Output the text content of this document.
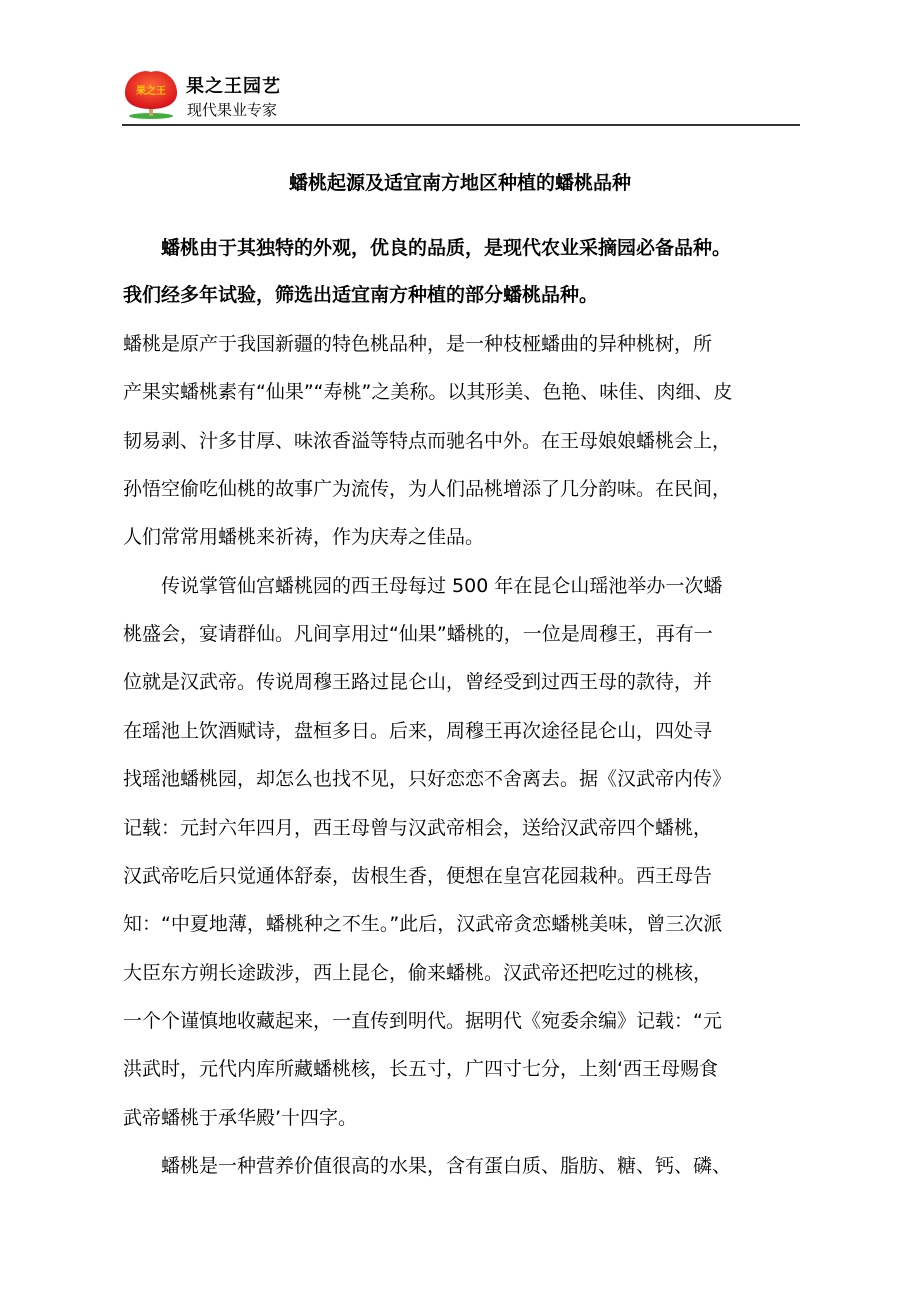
果之王 果之王园艺
现代果业专家
蟠桃起源及适宜南方地区种植的蟠桃品种
　　蟠桃由于其独特的外观，优良的品质，是现代农业采摘园必备品种。
我们经多年试验，筛选出适宜南方种植的部分蟠桃品种。
蟠桃是原产于我国新疆的特色桃品种，是一种枝桠蟠曲的异种桃树，所
产果实蟠桃素有“仙果”“寿桃”之美称。以其形美、色艳、味佳、肉细、皮
韧易剥、汁多甘厚、味浓香溢等特点而驰名中外。在王母娘娘蟠桃会上，
孙悟空偷吃仙桃的故事广为流传，为人们品桃增添了几分韵味。在民间，
人们常常用蟠桃来祈祷，作为庆寿之佳品。
　　传说掌管仙宫蟠桃园的西王母每过 500 年在昆仑山瑶池举办一次蟠
桃盛会，宴请群仙。凡间享用过“仙果”蟠桃的，一位是周穆王，再有一
位就是汉武帝。传说周穆王路过昆仑山，曾经受到过西王母的款待，并
在瑶池上饮酒赋诗，盘桓多日。后来，周穆王再次途径昆仑山，四处寻
找瑶池蟠桃园，却怎么也找不见，只好恋恋不舍离去。据《汉武帝内传》
记载：元封六年四月，西王母曾与汉武帝相会，送给汉武帝四个蟠桃，
汉武帝吃后只觉通体舒泰，齿根生香，便想在皇宫花园栽种。西王母告
知：“中夏地薄，蟠桃种之不生。”此后，汉武帝贪恋蟠桃美味，曾三次派
大臣东方朔长途跋涉，西上昆仑，偷来蟠桃。汉武帝还把吃过的桃核，
一个个谨慎地收藏起来，一直传到明代。据明代《宛委余编》记载：“元
洪武时，元代内库所藏蟠桃核，长五寸，广四寸七分，上刻‘西王母赐食
武帝蟠桃于承华殿’十四字。
　　蟠桃是一种营养价值很高的水果，含有蛋白质、脂肪、糖、钙、磷、
